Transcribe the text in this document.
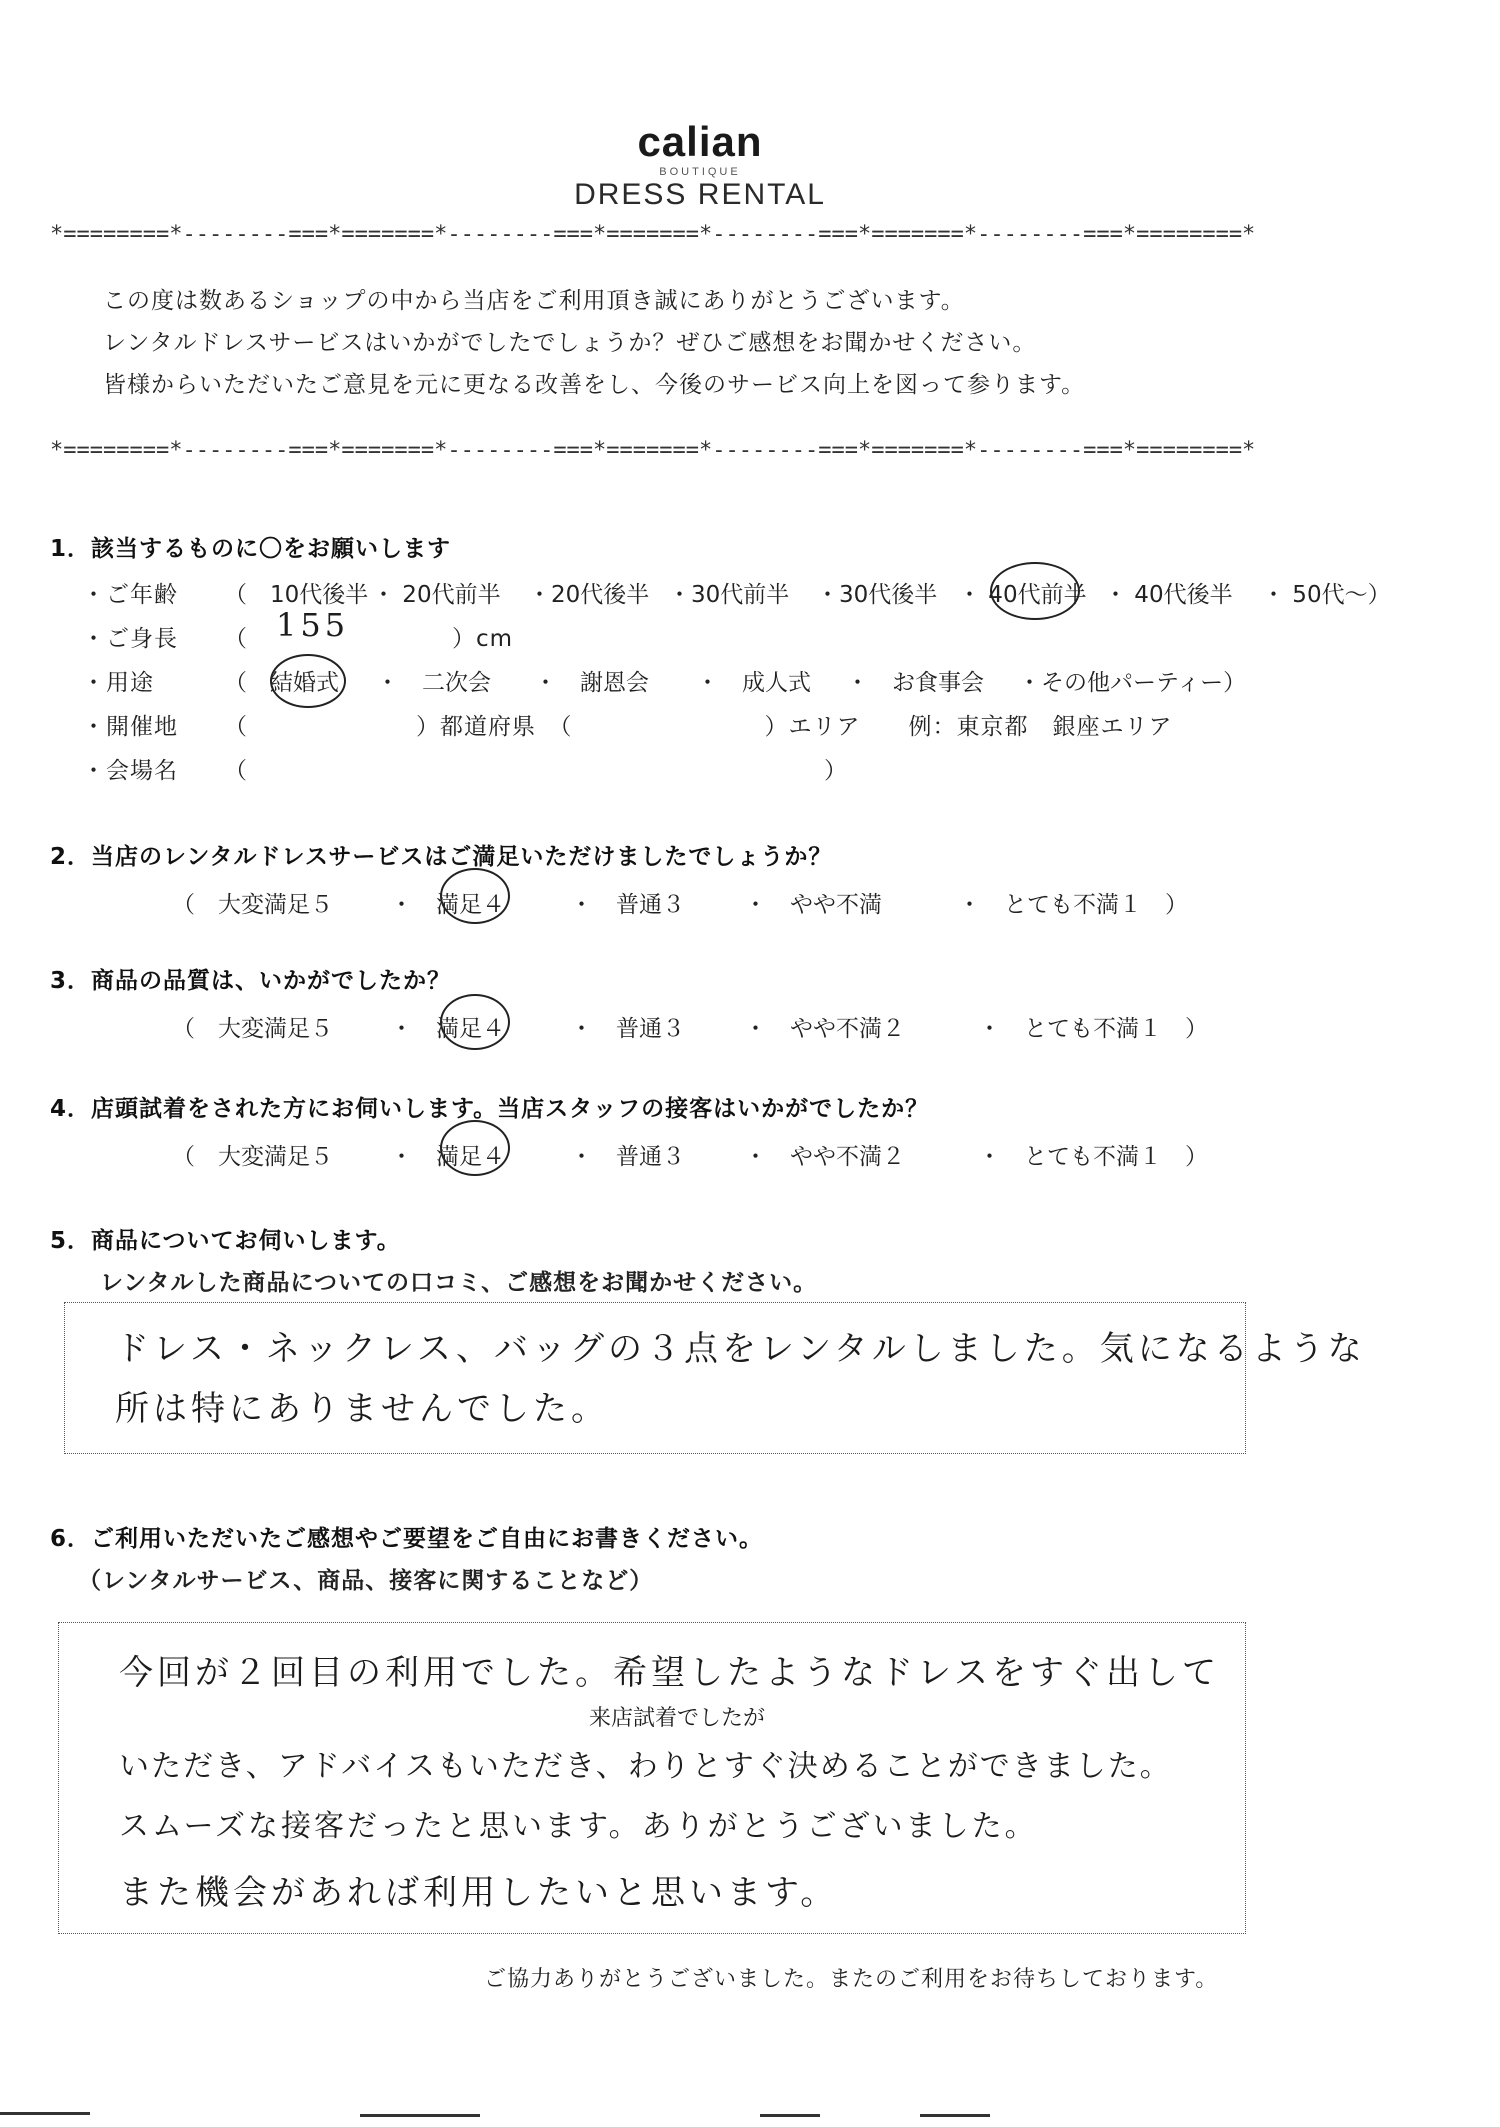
calian
BOUTIQUE
DRESS RENTAL
*========*--------===*=======*--------===*=======*--------===*=======*--------===*========*
この度は数あるショップの中から当店をご利用頂き誠にありがとうございます。
レンタルドレスサービスはいかがでしたでしょうか？ぜひご感想をお聞かせください。
皆様からいただいたご意見を元に更なる改善をし、今後のサービス向上を図って参ります。
*========*--------===*=======*--------===*=======*--------===*=======*--------===*========*
1．該当するものに〇をお願いします
・ご年齢 （　10代後半 ・ 20代前半 ・20代後半 ・30代前半 ・30代後半 ・ 40代前半 ・ 40代後半 ・ 50代～）
・ご身長 （ 155	）cm
・用途	（　結婚式 ・　二次会 ・　謝恩会 ・　成人式 ・　お食事会 ・その他パーティー）
・開催地 （　　　　　　　）都道府県　（　　　　　　　　）エリア　　例：東京都　銀座エリア
・会場名 （　　　　　　　　　　　　　　　　　　　　　　　　）
2．当店のレンタルドレスサービスはご満足いただけましたでしょうか？
（　大変満足５ ・　満足４	・　普通３	・　やや不満	・　とても不満１　）
3．商品の品質は、いかがでしたか？
（　大変満足５ ・　満足４	・　普通３	・　やや不満２	・　とても不満１　）
4．店頭試着をされた方にお伺いします。当店スタッフの接客はいかがでしたか？
（　大変満足５ ・　満足４	・　普通３	・　やや不満２	・　とても不満１　）
5．商品についてお伺いします。
レンタルした商品についての口コミ、ご感想をお聞かせください。
ドレス・ネックレス、バッグの３点をレンタルしました。気になるような
所は特にありませんでした。
6．ご利用いただいたご感想やご要望をご自由にお書きください。
（レンタルサービス、商品、接客に関することなど）
今回が２回目の利用でした。希望したようなドレスをすぐ出して
来店試着でしたが
いただき、アドバイスもいただき、わりとすぐ決めることができました。
スムーズな接客だったと思います。ありがとうございました。
また機会があれば利用したいと思います。
ご協力ありがとうございました。またのご利用をお待ちしております。
